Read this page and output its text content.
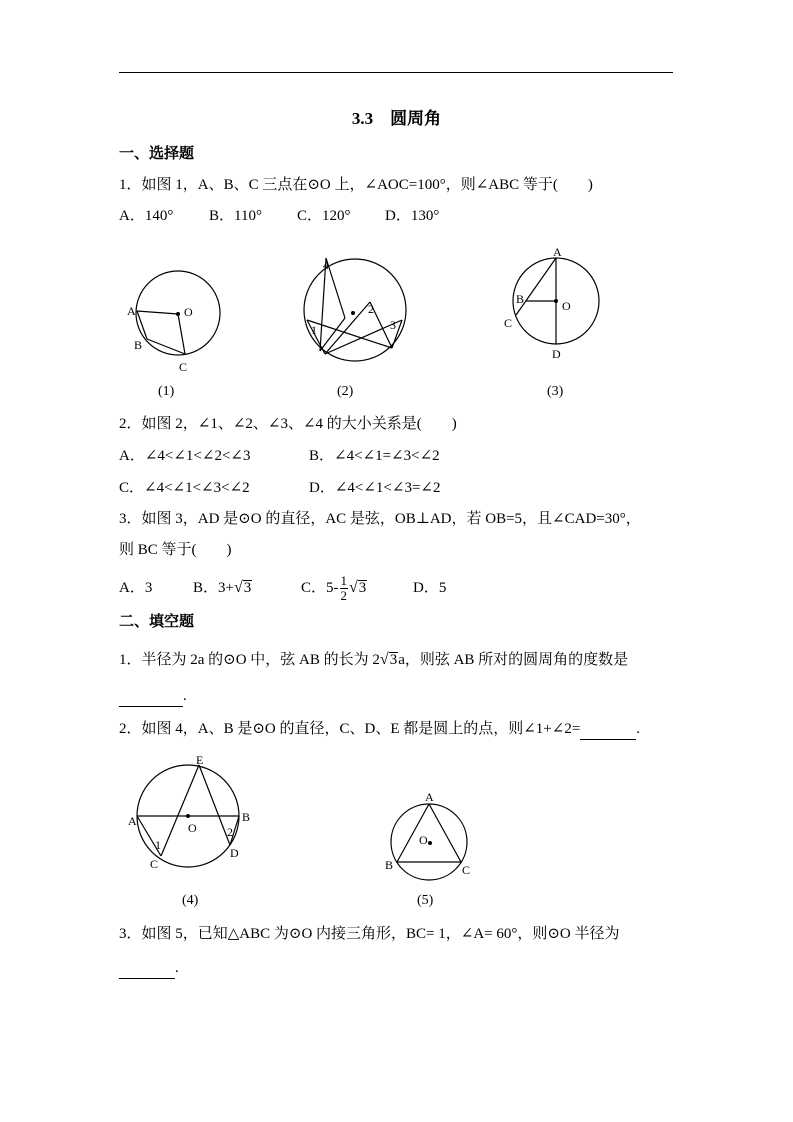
3.3　圆周角
一、选择题
1．如图 1，A、B、C 三点在⊙O 上，∠AOC=100°，则∠ABC 等于(　　)
A．140° B．110° C．120° D．130°
A	O
B
C
(1)
4
2
1	3
(2)
A
B	O
C
D
(3)
2．如图 2，∠1、∠2、∠3、∠4 的大小关系是(　　)
A．∠4<∠1<∠2<∠3	B．∠4<∠1=∠3<∠2
C．∠4<∠1<∠3<∠2	D．∠4<∠1<∠3=∠2
3．如图 3，AD 是⊙O 的直径，AC 是弦，OB⊥AD，若 OB=5，且∠CAD=30°，
则 BC 等于(　　)
A．3	B．3+√3	C．$5- \frac{1}{2} √3$	D．5
二、填空题
1．半径为 2a 的⊙O 中，弦 AB 的长为 2√3a，则弦 AB 所对的圆周角的度数是
.
2．如图 4，A、B 是⊙O 的直径，C、D、E 都是圆上的点，则∠1+∠2=	.
E
A	O
B
1
2
C
D
(4)
A
O
B	C
(5)
3．如图 5，已知△ABC 为⊙O 内接三角形，BC= 1，∠A= 60°，则⊙O 半径为
.
